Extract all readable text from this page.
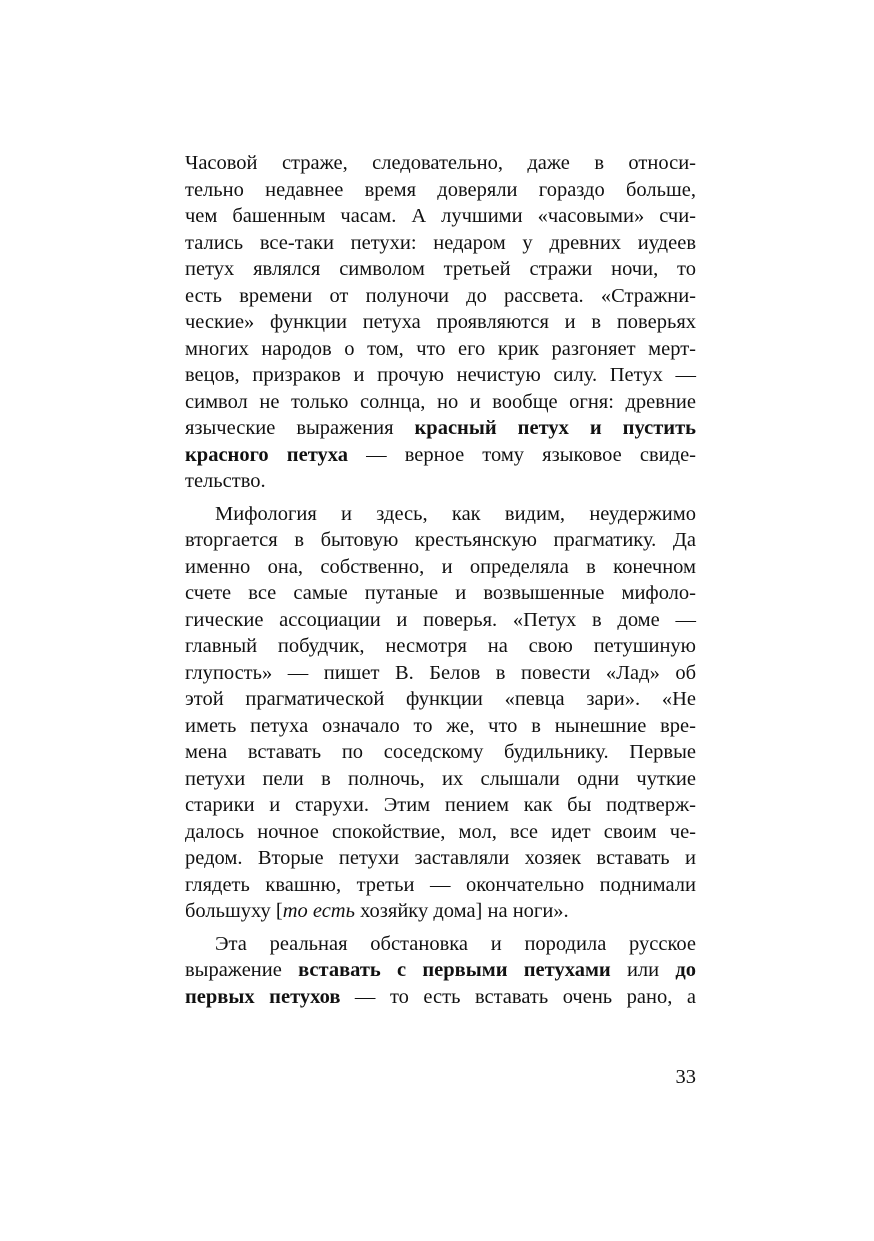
Часовой страже, следовательно, даже в относи-
тельно недавнее время доверяли гораздо больше,
чем башенным часам. А лучшими «часовыми» счи-
тались все-таки петухи: недаром у древних иудеев
петух являлся символом третьей стражи ночи, то
есть времени от полуночи до рассвета. «Стражни-
ческие» функции петуха проявляются и в поверьях
многих народов о том, что его крик разгоняет мерт-
вецов, призраков и прочую нечистую силу. Петух —
символ не только солнца, но и вообще огня: древние
языческие выражения красный петух и пустить
красного петуха — верное тому языковое свиде-
тельство.
Мифология и здесь, как видим, неудержимо
вторгается в бытовую крестьянскую прагматику. Да
именно она, собственно, и определяла в конечном
счете все самые путаные и возвышенные мифоло-
гические ассоциации и поверья. «Петух в доме —
главный побудчик, несмотря на свою петушиную
глупость» — пишет В. Белов в повести «Лад» об
этой прагматической функции «певца зари». «Не
иметь петуха означало то же, что в нынешние вре-
мена вставать по соседскому будильнику. Первые
петухи пели в полночь, их слышали одни чуткие
старики и старухи. Этим пением как бы подтверж-
далось ночное спокойствие, мол, все идет своим че-
редом. Вторые петухи заставляли хозяек вставать и
глядеть квашню, третьи — окончательно поднимали
большуху [то есть хозяйку дома] на ноги».
Эта реальная обстановка и породила русское
выражение вставать с первыми петухами или до
первых петухов — то есть вставать очень рано, а
33
